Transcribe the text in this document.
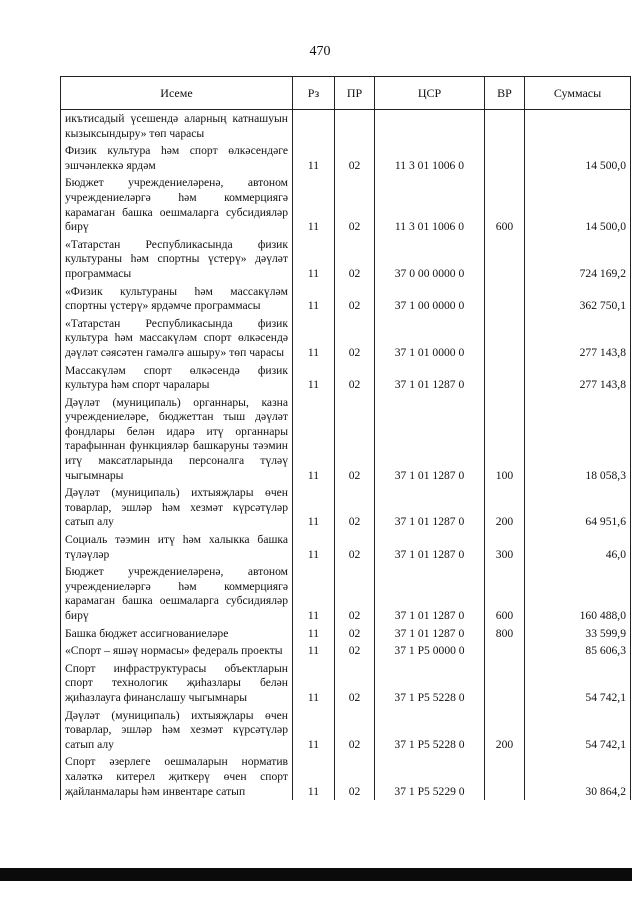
470
Исеме	Рз	ПР	ЦСР	ВР	Суммасы
икътисадый үсешендә аларның катнашуын кызыксындыру» төп чарасы					
Физик культура һәм спорт өлкәсендәге эшчәнлеккә ярдәм	11	02	11 3 01 1006 0		14 500,0
Бюджет учреждениеләренә, автоном учреждениеләргә һәм коммерциягә карамаган башка оешмаларга субсидияләр бирү	11	02	11 3 01 1006 0	600	14 500,0
«Татарстан Республикасында физик культураны һәм спортны үстерү» дәүләт программасы	11	02	37 0 00 0000 0		724 169,2
«Физик культураны һәм массакүләм спортны үстерү» ярдәмче программасы	11	02	37 1 00 0000 0		362 750,1
«Татарстан Республикасында физик культура һәм массакүләм спорт өлкәсендә дәүләт сәясәтен гамәлгә ашыру» төп чарасы	11	02	37 1 01 0000 0		277 143,8
Массакүләм спорт өлкәсендә физик культура һәм спорт чаралары	11	02	37 1 01 1287 0		277 143,8
Дәүләт (муниципаль) органнары, казна учреждениеләре, бюджеттан тыш дәүләт фондлары белән идарә итү органнары тарафыннан функцияләр башкаруны тәэмин итү максатларында персоналга түләү чыгымнары	11	02	37 1 01 1287 0	100	18 058,3
Дәүләт (муниципаль) ихтыяҗлары өчен товарлар, эшләр һәм хезмәт күрсәтүләр сатып алу	11	02	37 1 01 1287 0	200	64 951,6
Социаль тәэмин итү һәм халыкка башка түләүләр	11	02	37 1 01 1287 0	300	46,0
Бюджет учреждениеләренә, автоном учреждениеләргә һәм коммерциягә карамаган башка оешмаларга субсидияләр бирү	11	02	37 1 01 1287 0	600	160 488,0
Башка бюджет ассигнованиеләре	11	02	37 1 01 1287 0	800	33 599,9
«Спорт – яшәү нормасы» федераль проекты	11	02	37 1 P5 0000 0		85 606,3
Спорт инфраструктурасы объектларын спорт технологик җиһазлары белән җиһазлауга финанслашу чыгымнары	11	02	37 1 P5 5228 0		54 742,1
Дәүләт (муниципаль) ихтыяҗлары өчен товарлар, эшләр һәм хезмәт күрсәтүләр сатып алу	11	02	37 1 P5 5228 0	200	54 742,1
Спорт әзерлеге оешмаларын норматив халәткә китерел җиткерү өчен спорт җайланмалары һәм инвентаре сатып	11	02	37 1 P5 5229 0		30 864,2
